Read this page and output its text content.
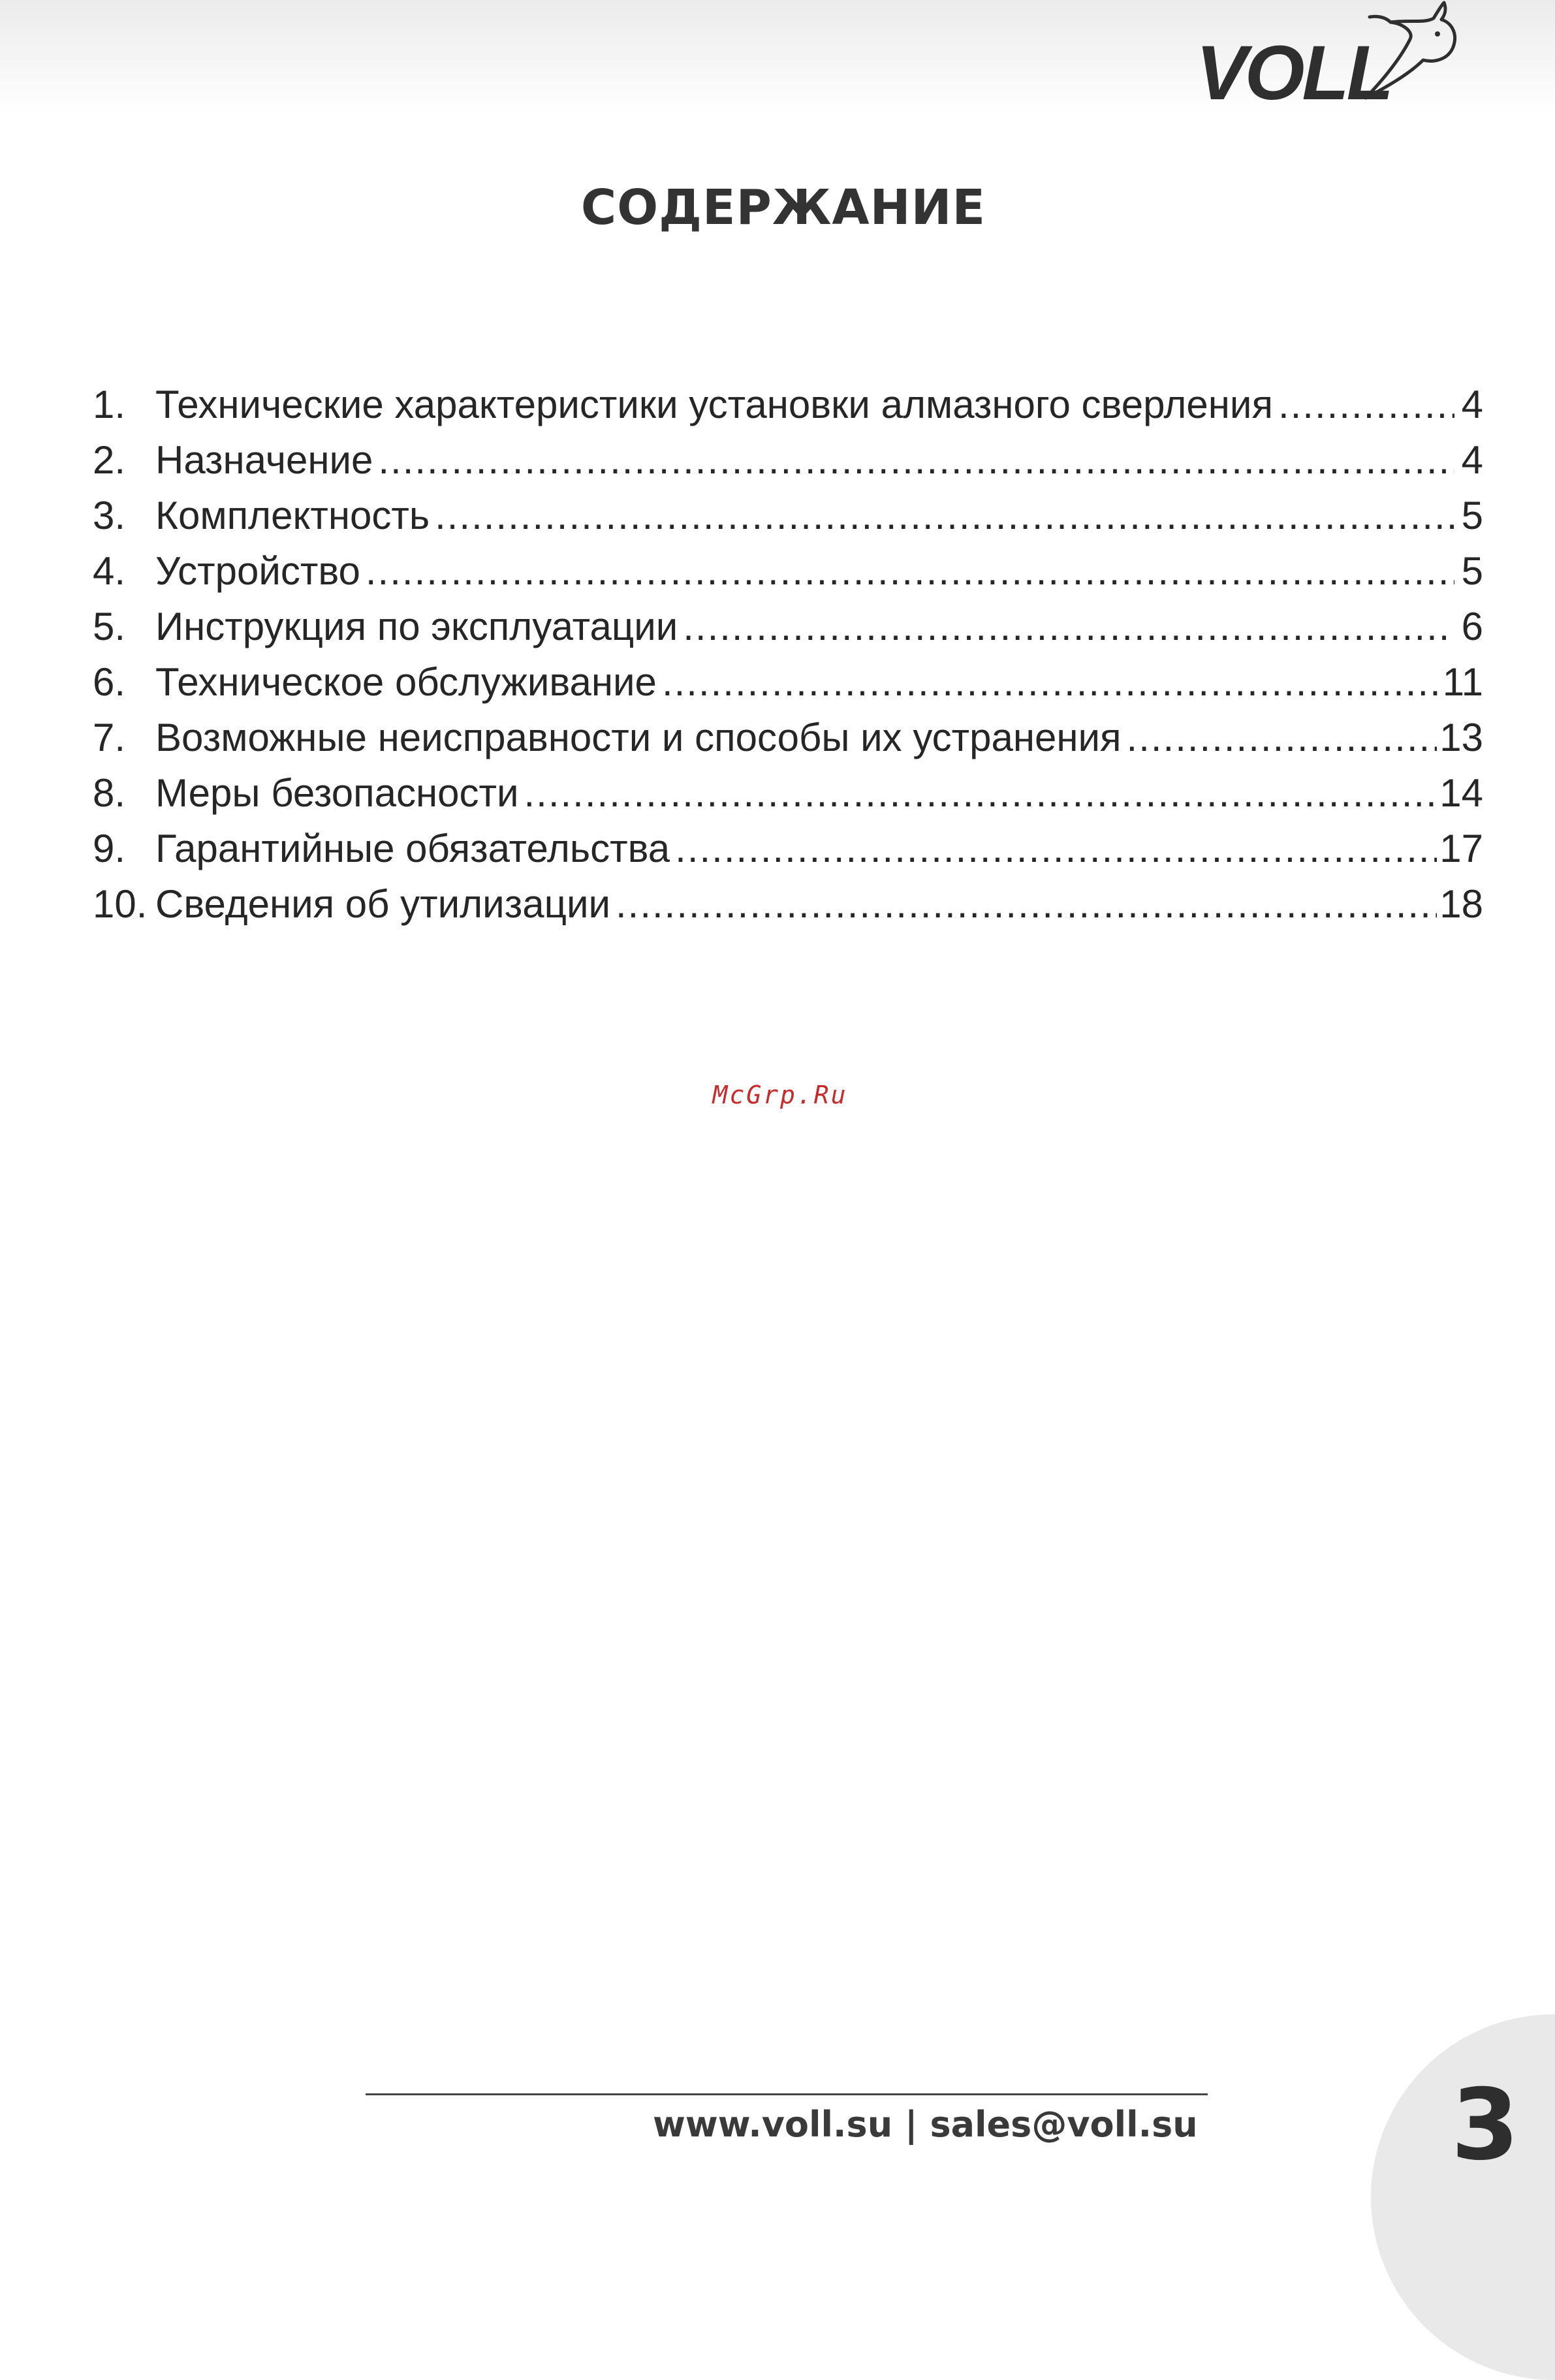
VOLL
СОДЕРЖАНИЕ
1. Технические характеристики установки алмазного сверления .....	4
2. Назначение .....	4
3. Комплектность .....	5
4. Устройство .....	5
5. Инструкция по эксплуатации .....	6
6. Техническое обслуживание .....	11
7. Возможные неисправности и способы их устранения .....	13
8. Меры безопасности .....	14
9. Гарантийные обязательства .....	17
10. Сведения об утилизации .....	18
McGrp.Ru
www.voll.su | sales@voll.su	3
